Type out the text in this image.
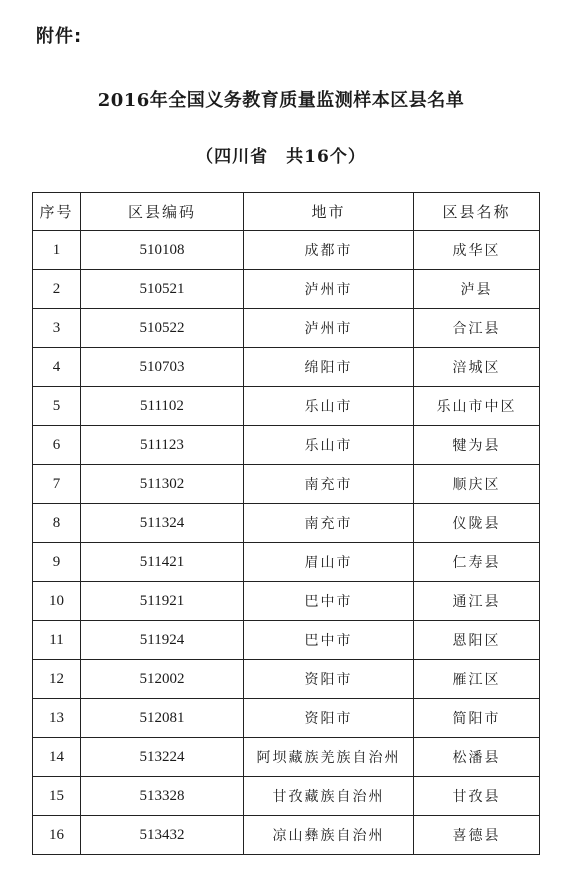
附件:
2016年全国义务教育质量监测样本区县名单
（四川省　共16个）
序号	区县编码	地市	区县名称
1	510108	成都市	成华区
2	510521	泸州市	泸县
3	510522	泸州市	合江县
4	510703	绵阳市	涪城区
5	511102	乐山市	乐山市中区
6	511123	乐山市	犍为县
7	511302	南充市	顺庆区
8	511324	南充市	仪陇县
9	511421	眉山市	仁寿县
10	511921	巴中市	通江县
11	511924	巴中市	恩阳区
12	512002	资阳市	雁江区
13	512081	资阳市	简阳市
14	513224	阿坝藏族羌族自治州	松潘县
15	513328	甘孜藏族自治州	甘孜县
16	513432	凉山彝族自治州	喜德县
